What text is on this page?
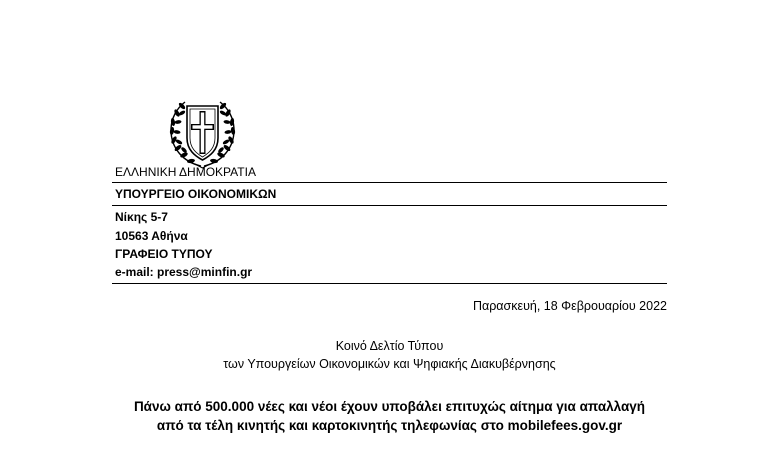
ΕΛΛΗΝΙΚΗ ΔΗΜΟΚΡΑΤΙΑ
ΥΠΟΥΡΓΕΙΟ ΟΙΚΟΝΟΜΙΚΩΝ
Νίκης 5-7
10563 Αθήνα
ΓΡΑΦΕΙΟ ΤΥΠΟΥ
e-mail: press@minfin.gr
Παρασκευή, 18 Φεβρουαρίου 2022
Κοινό Δελτίο Τύπου
των Υπουργείων Οικονομικών και Ψηφιακής Διακυβέρνησης
Πάνω από 500.000 νέες και νέοι έχουν υποβάλει επιτυχώς αίτημα για απαλλαγή
από τα τέλη κινητής και καρτοκινητής τηλεφωνίας στο mobilefees.gov.gr
